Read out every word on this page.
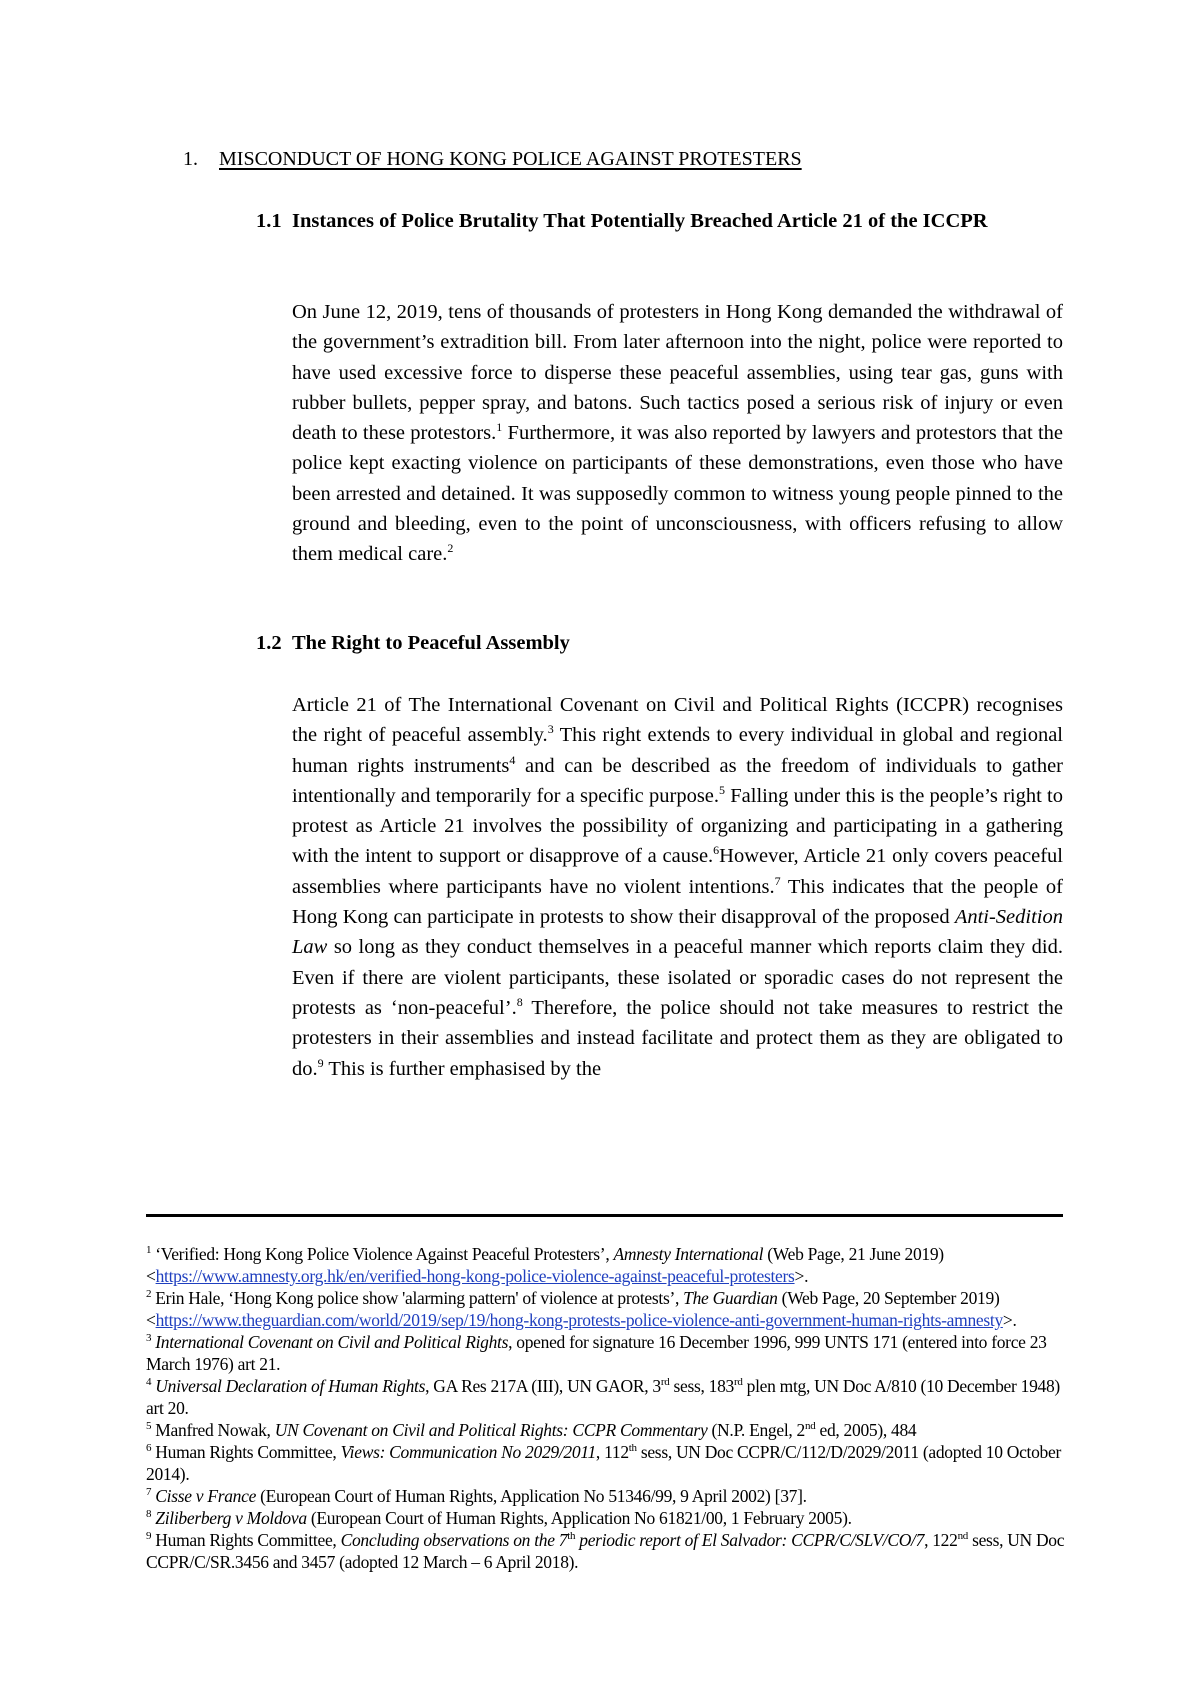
1. MISCONDUCT OF HONG KONG POLICE AGAINST PROTESTERS
1.1 Instances of Police Brutality That Potentially Breached Article 21 of the ICCPR
On June 12, 2019, tens of thousands of protesters in Hong Kong demanded the withdrawal of the government’s extradition bill. From later afternoon into the night, police were reported to have used excessive force to disperse these peaceful assemblies, using tear gas, guns with rubber bullets, pepper spray, and batons. Such tactics posed a serious risk of injury or even death to these protestors.$^1$ Furthermore, it was also reported by lawyers and protestors that the police kept exacting violence on participants of these demonstrations, even those who have been arrested and detained. It was supposedly common to witness young people pinned to the ground and bleeding, even to the point of unconsciousness, with officers refusing to allow them medical care.$^2$
1.2 The Right to Peaceful Assembly
Article 21 of The International Covenant on Civil and Political Rights (ICCPR) recognises the right of peaceful assembly.$^3$ This right extends to every individual in global and regional human rights instruments$^4$ and can be described as the freedom of individuals to gather intentionally and temporarily for a specific purpose.$^5$ Falling under this is the people’s right to protest as Article 21 involves the possibility of organizing and participating in a gathering with the intent to support or disapprove of a cause.$^6$However, Article 21 only covers peaceful assemblies where participants have no violent intentions.$^7$ This indicates that the people of Hong Kong can participate in protests to show their disapproval of the proposed Anti-Sedition Law so long as they conduct themselves in a peaceful manner which reports claim they did. Even if there are violent participants, these isolated or sporadic cases do not represent the protests as ‘non-peaceful’.$^8$ Therefore, the police should not take measures to restrict the protesters in their assemblies and instead facilitate and protect them as they are obligated to do.$^9$ This is further emphasised by the

$^1$ ‘Verified: Hong Kong Police Violence Against Peaceful Protesters’, Amnesty International (Web Page, 21 June 2019) <https://www.amnesty.org.hk/en/verified-hong-kong-police-violence-against-peaceful-protesters>.

$^2$ Erin Hale, ‘Hong Kong police show 'alarming pattern' of violence at protests’, The Guardian (Web Page, 20 September 2019) <https://www.theguardian.com/world/2019/sep/19/hong-kong-protests-police-violence-anti-government-human-rights-amnesty>.

$^3$ International Covenant on Civil and Political Rights, opened for signature 16 December 1996, 999 UNTS 171 (entered into force 23 March 1976) art 21.

$^4$ Universal Declaration of Human Rights, GA Res 217A (III), UN GAOR, 3rd sess, 183rd plen mtg, UN Doc A/810 (10 December 1948) art 20.

$^5$ Manfred Nowak, UN Covenant on Civil and Political Rights: CCPR Commentary (N.P. Engel, 2nd ed, 2005), 484

$^6$ Human Rights Committee, Views: Communication No 2029/2011, 112th sess, UN Doc CCPR/C/112/D/2029/2011 (adopted 10 October 2014).

$^7$ Cisse v France (European Court of Human Rights, Application No 51346/99, 9 April 2002) [37].

$^8$ Ziliberberg v Moldova (European Court of Human Rights, Application No 61821/00, 1 February 2005).

$^9$ Human Rights Committee, Concluding observations on the 7th periodic report of El Salvador: CCPR/C/SLV/CO/7, 122nd sess, UN Doc CCPR/C/SR.3456 and 3457 (adopted 12 March – 6 April 2018).
